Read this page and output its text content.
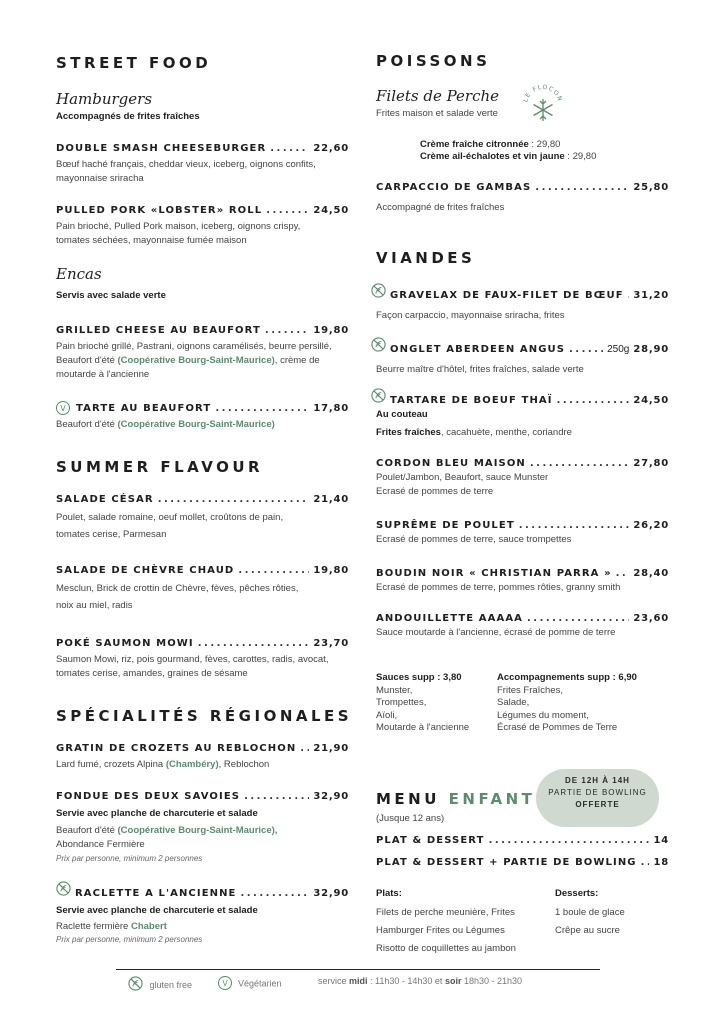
STREET FOOD
Hamburgers
Accompagnés de frites fraîches
DOUBLE SMASH CHEESEBURGER . . .	22,60
Bœuf haché français, cheddar vieux, iceberg, oignons confits,
mayonnaise sriracha
PULLED PORK «LOBSTER» ROLL . . .	24,50
Pain brioché, Pulled Pork maison, iceberg, oignons crispy,
tomates séchées, mayonnaise fumée maison
Encas
Servis avec salade verte
GRILLED CHEESE AU BEAUFORT . . .	19,80
Pain brioché grillé, Pastrani, oignons caramélisés, beurre persillé,
Beaufort d'été (Coopérative Bourg-Saint-Maurice), crème de
moutarde à l'ancienne
V	TARTE AU BEAUFORT . . .	17,80
Beaufort d'été (Coopérative Bourg-Saint-Maurice)
SUMMER FLAVOUR
SALADE CÉSAR . . .	21,40
Poulet, salade romaine, oeuf mollet, croûtons de pain,
tomates cerise, Parmesan
SALADE DE CHÈVRE CHAUD . . .	19,80
Mesclun, Brick de crottin de Chèvre, fèves, pêches rôties,
noix au miel, radis
POKÉ SAUMON MOWI . . .	23,70
Saumon Mowi, riz, pois gourmand, fèves, carottes, radis, avocat,
tomates cerise, amandes, graines de sésame
SPÉCIALITÉS RÉGIONALES
GRATIN DE CROZETS AU REBLOCHON . . . 21,90
Lard fumé, crozets Alpina (Chambéry), Reblochon
FONDUE DES DEUX SAVOIES . . .	32,90
Servie avec planche de charcuterie et salade
Beaufort d'été (Coopérative Bourg-Saint-Maurice),
Abondance Fermière
Prix par personne, minimum 2 personnes
RACLETTE A L'ANCIENNE . . .	32,90
Servie avec planche de charcuterie et salade
Raclette fermière Chabert
Prix par personne, minimum 2 personnes
POISSONS
Filets de Perche
Frites maison et salade verte
LE FLOCON
Crème fraîche citronnée : 29,80
Crème ail-échalotes et vin jaune : 29,80
CARPACCIO DE GAMBAS . . .	25,80
Accompagné de frites fraîches
VIANDES
GRAVELAX DE FAUX-FILET DE BŒUF . . . 31,20
Façon carpaccio, mayonnaise sriracha, frites
ONGLET ABERDEEN ANGUS . . .	250g 28,90
Beurre maître d'hôtel, frites fraîches, salade verte
TARTARE DE BOEUF THAÏ . . .	24,50
Au couteau
Frites fraîches, cacahuète, menthe, coriandre
CORDON BLEU MAISON . . .	27,80
Poulet/Jambon, Beaufort, sauce Munster
Ecrasé de pommes de terre
SUPRÊME DE POULET . . .	26,20
Ecrasé de pommes de terre, sauce trompettes
BOUDIN NOIR « CHRISTIAN PARRA » . . . 28,40
Ecrasé de pommes de terre, pommes rôties, granny smith
ANDOUILLETTE AAAAA . . .	23,60
Sauce moutarde à l'ancienne, écrasé de pomme de terre
Sauces supp : 3,80
Munster,
Trompettes,
Aïoli,
Moutarde à l'ancienne
Accompagnements supp : 6,90
Frites Fraîches,
Salade,
Légumes du moment,
Écrasé de Pommes de Terre
MENU ENFANT
DE 12H À 14H
PARTIE DE BOWLING
OFFERTE
(Jusque 12 ans)
PLAT & DESSERT . . .	14
PLAT & DESSERT + PARTIE DE BOWLING . . . 18
Plats:
Filets de perche meunière, Frites
Hamburger Frites ou Légumes
Risotto de coquillettes au jambon
Desserts:
1 boule de glace
Crêpe au sucre
gluten free	V Végétarien	service midi : 11h30 - 14h30 et soir 18h30 - 21h30
